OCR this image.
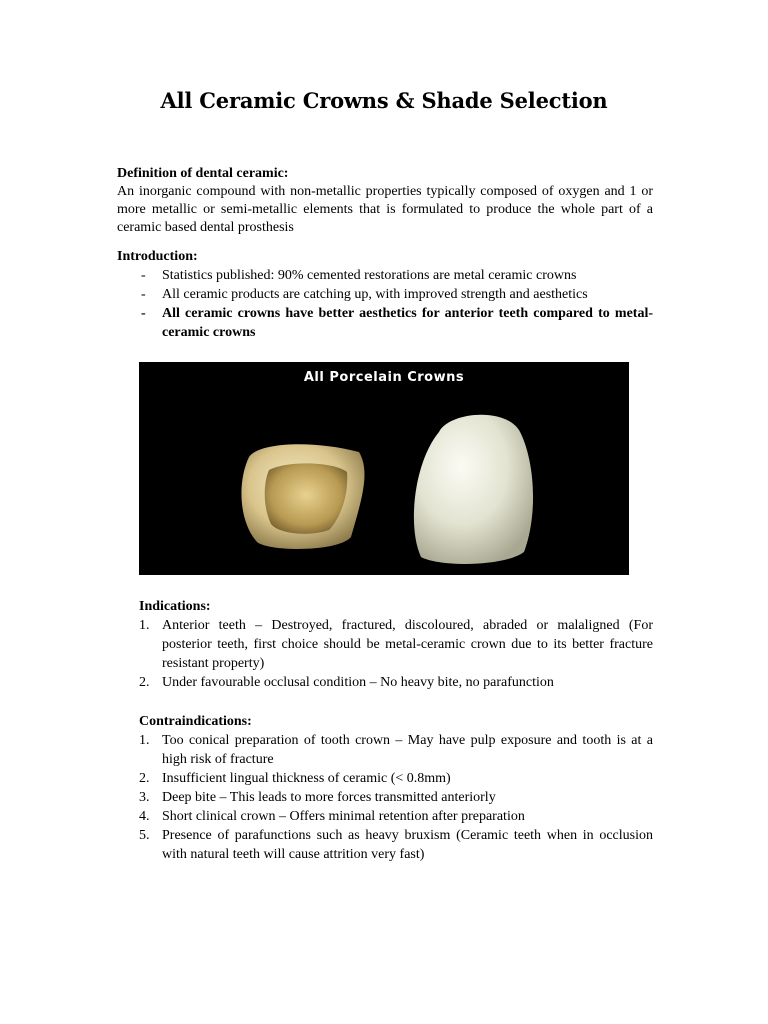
All Ceramic Crowns & Shade Selection
Definition of dental ceramic:
An inorganic compound with non-metallic properties typically composed of oxygen and 1 or more metallic or semi-metallic elements that is formulated to produce the whole part of a ceramic based dental prosthesis
Introduction:
- Statistics published: 90% cemented restorations are metal ceramic crowns
- All ceramic products are catching up, with improved strength and aesthetics
- All ceramic crowns have better aesthetics for anterior teeth compared to metal-ceramic crowns
All Porcelain Crowns
Indications:
1. Anterior teeth – Destroyed, fractured, discoloured, abraded or malaligned (For posterior teeth, first choice should be metal-ceramic crown due to its better fracture resistant property)
2. Under favourable occlusal condition – No heavy bite, no parafunction
Contraindications:
1. Too conical preparation of tooth crown – May have pulp exposure and tooth is at a high risk of fracture
2. Insufficient lingual thickness of ceramic (< 0.8mm)
3. Deep bite – This leads to more forces transmitted anteriorly
4. Short clinical crown – Offers minimal retention after preparation
5. Presence of parafunctions such as heavy bruxism (Ceramic teeth when in occlusion with natural teeth will cause attrition very fast)
